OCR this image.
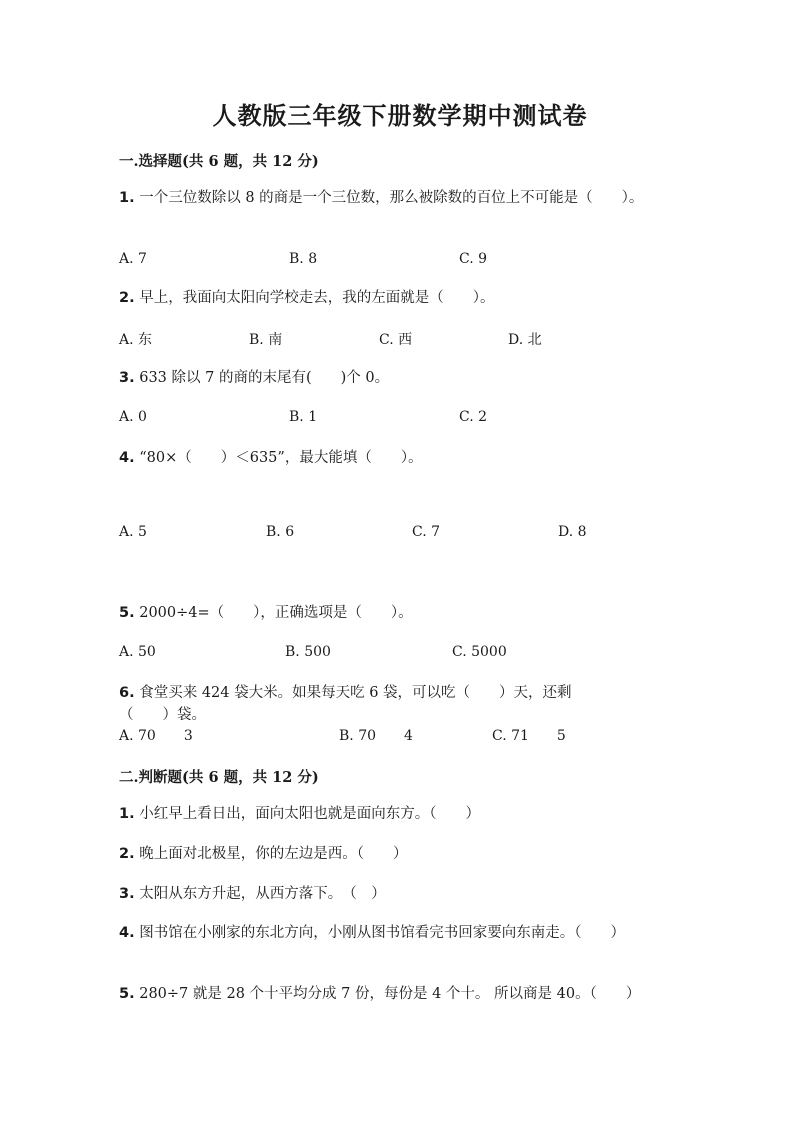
人教版三年级下册数学期中测试卷
一.选择题(共 6 题，共 12 分)
1. 一个三位数除以 8 的商是一个三位数，那么被除数的百位上不可能是（　　）。
A. 7	B. 8	C. 9
2. 早上，我面向太阳向学校走去，我的左面就是（　　）。
A. 东	B. 南	C. 西	D. 北
3. 633 除以 7 的商的末尾有(　　)个 0。
A. 0	B. 1	C. 2
4. “80×（　　）＜635”，最大能填（　　）。
A. 5	B. 6	C. 7	D. 8
5. 2000÷4=（　　），正确选项是（　　）。
A. 50	B. 500	C. 5000
6. 食堂买来 424 袋大米。如果每天吃 6 袋，可以吃（　　）天，还剩（　　）袋。
A. 70　　3	B. 70　　4	C. 71　　5
二.判断题(共 6 题，共 12 分)
1. 小红早上看日出，面向太阳也就是面向东方。（　　）
2. 晚上面对北极星，你的左边是西。（　　）
3. 太阳从东方升起，从西方落下。　（　）
4. 图书馆在小刚家的东北方向，小刚从图书馆看完书回家要向东南走。（　　）
5. 280÷7 就是 28 个十平均分成 7 份，每份是 4 个十。 所以商是 40。（　　）
